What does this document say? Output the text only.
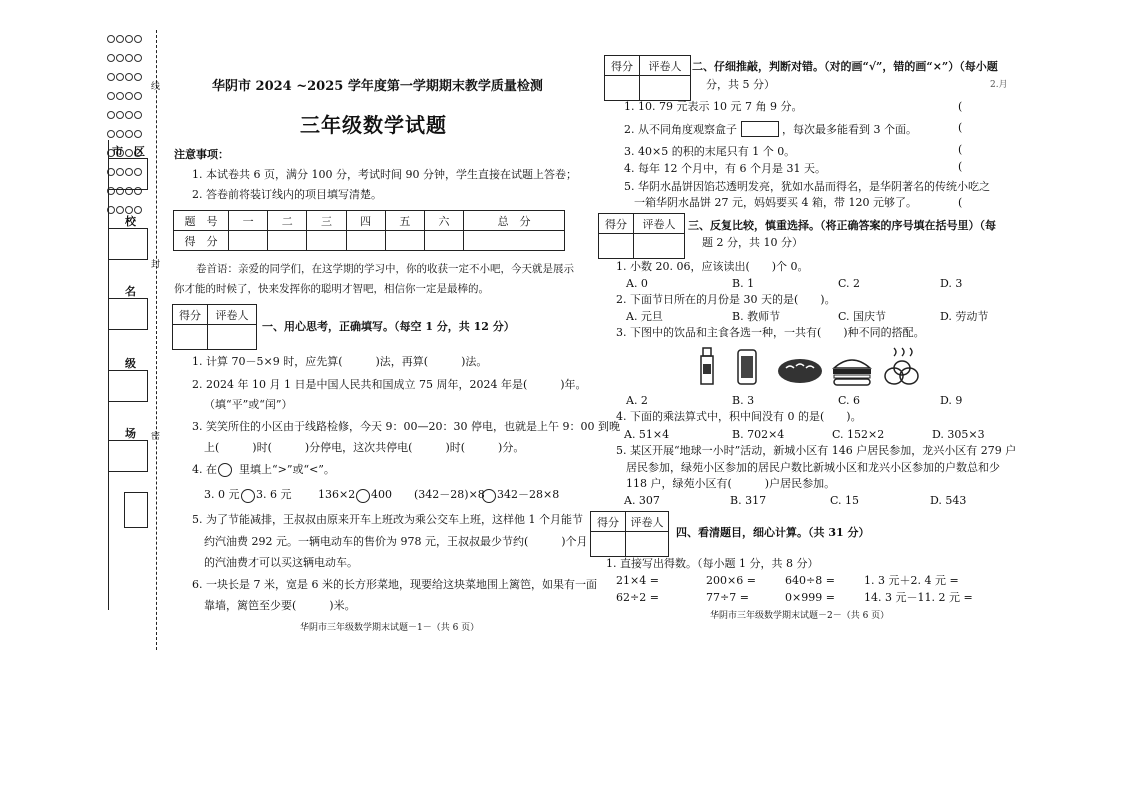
市　区
校
名
级
场
线
封
密
华阴市 2024 ~2025 学年度第一学期期末教学质量检测
三年级数学试题
注意事项：
1. 本试卷共 6 页，满分 100 分，考试时间 90 分钟，学生直接在试题上答卷；
2. 答卷前将装订线内的项目填写清楚。
题　号	一	二	三	四	五	六	总　分
得　分							
卷首语：亲爱的同学们，在这学期的学习中，你的收获一定不小吧，今天就是展示
你才能的时候了，快来发挥你的聪明才智吧，相信你一定是最棒的。
得分	评卷人

一、用心思考，正确填写。（每空 1 分，共 12 分）
1. 计算 70－5×9 时，应先算(　　　)法，再算(　　　)法。
2. 2024 年 10 月 1 日是中国人民共和国成立 75 周年，2024 年是(　　　)年。
（填“平”或“闰”）
3. 笑笑所住的小区由于线路检修，今天 9：00—20：30 停电，也就是上午 9：00 到晚
上(　　　)时(　　　)分停电，这次共停电(　　　)时(　　　)分。
4. 在　　里填上“>”或“<”。
3. 0 元 3. 6 元 136×2 400 (342－28)×8 342－28×8
5. 为了节能减排，王叔叔由原来开车上班改为乘公交车上班，这样他 1 个月能节
约汽油费 292 元。一辆电动车的售价为 978 元，王叔叔最少节约(　　　)个月
的汽油费才可以买这辆电动车。
6. 一块长是 7 米，宽是 6 米的长方形菜地，现要给这块菜地围上篱笆，如果有一面
靠墙，篱笆至少要(　　　)米。
华阴市三年级数学期末试题－1－（共 6 页）
得分	评卷人
	二、仔细推敲，判断对错。（对的画“√”，错的画“×”）（每小题
分，共 5 分）
1. 10. 79 元表示 10 元 7 角 9 分。	(
2. 从不同角度观察盒子	，每次最多能看到 3 个面。	(
3. 40×5 的积的末尾只有 1 个 0。	(
4. 每年 12 个月中，有 6 个月是 31 天。	(
5. 华阴水晶饼因馅芯透明发亮，犹如水晶而得名，是华阴著名的传统小吃之
一箱华阴水晶饼 27 元，妈妈要买 4 箱，带 120 元够了。	(
得分	评卷人
	三、反复比较，慎重选择。（将正确答案的序号填在括号里）（每
题 2 分，共 10 分）
1. 小数 20. 06，应该读出(　　)个 0。
A. 0	B. 1	C. 2	D. 3
2. 下面节日所在的月份是 30 天的是(　　)。
A. 元旦	B. 教师节	C. 国庆节	D. 劳动节
3. 下图中的饮品和主食各选一种，一共有(　　)种不同的搭配。
A. 2	B. 3	C. 6	D. 9
4. 下面的乘法算式中，积中间没有 0 的是(　　)。
A. 51×4	B. 702×4	C. 152×2	D. 305×3
5. 某区开展“地球一小时”活动，新城小区有 146 户居民参加，龙兴小区有 279 户
居民参加，绿苑小区参加的居民户数比新城小区和龙兴小区参加的户数总和少
118 户，绿苑小区有(　　　)户居民参加。
A. 307	B. 317	C. 15	D. 543
得分	评卷人

四、看清题目，细心计算。（共 31 分）
1. 直接写出得数。（每小题 1 分，共 8 分）
21×4 =	200×6 =	640÷8 =	1. 3 元＋2. 4 元 =
62÷2 =	77÷7 =	0×999 =	14. 3 元－11. 2 元 =
华阴市三年级数学期末试题－2－（共 6 页）
2.月
